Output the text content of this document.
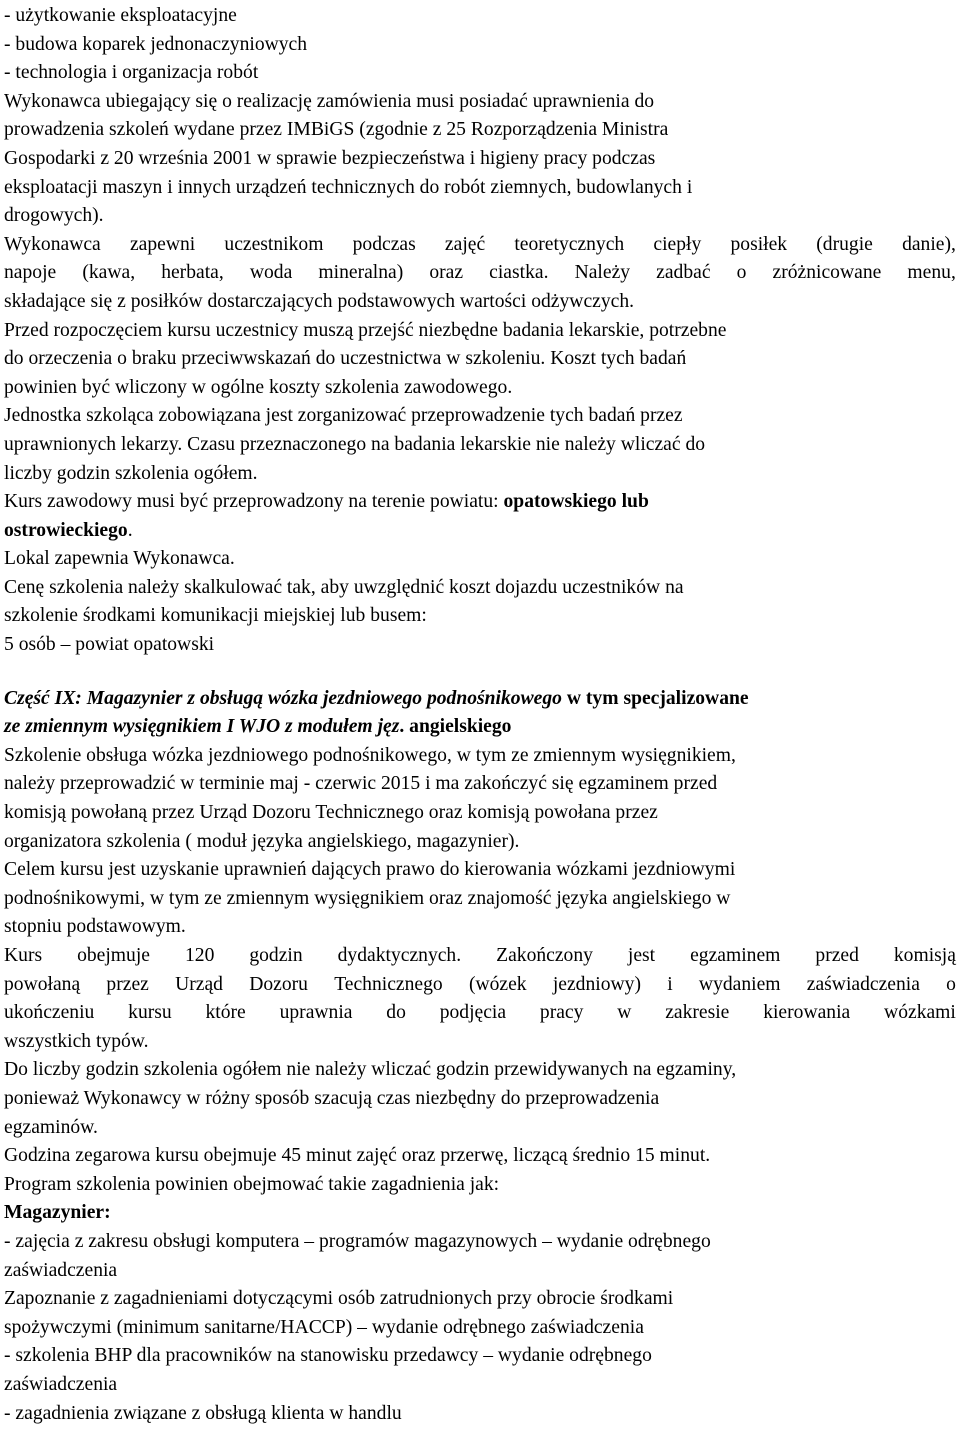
- użytkowanie eksploatacyjne
- budowa koparek jednonaczyniowych
- technologia i organizacja robót
Wykonawca ubiegający się o realizację zamówienia musi posiadać uprawnienia do
prowadzenia szkoleń wydane przez IMBiGS (zgodnie z 25 Rozporządzenia Ministra
Gospodarki z 20 września 2001 w sprawie bezpieczeństwa i higieny pracy podczas
eksploatacji maszyn i innych urządzeń technicznych do robót ziemnych, budowlanych i
drogowych).
Wykonawca zapewni uczestnikom podczas zajęć teoretycznych ciepły posiłek (drugie danie),
napoje (kawa, herbata, woda mineralna) oraz ciastka. Należy zadbać o zróżnicowane menu,
składające się z posiłków dostarczających podstawowych wartości odżywczych.
Przed rozpoczęciem kursu uczestnicy muszą przejść niezbędne badania lekarskie, potrzebne
do orzeczenia o braku przeciwwskazań do uczestnictwa w szkoleniu. Koszt tych badań
powinien być wliczony w ogólne koszty szkolenia zawodowego.
Jednostka szkoląca zobowiązana jest zorganizować przeprowadzenie tych badań przez
uprawnionych lekarzy. Czasu przeznaczonego na badania lekarskie nie należy wliczać do
liczby godzin szkolenia ogółem.
Kurs zawodowy musi być przeprowadzony na terenie powiatu: opatowskiego lub
ostrowieckiego.
Lokal zapewnia Wykonawca.
Cenę szkolenia należy skalkulować tak, aby uwzględnić koszt dojazdu uczestników na
szkolenie środkami komunikacji miejskiej lub busem:
5 osób – powiat opatowski
Część IX: Magazynier z obsługą wózka jezdniowego podnośnikowego w tym specjalizowane
ze zmiennym wysięgnikiem I WJO z modułem jęz. angielskiego
Szkolenie obsługa wózka jezdniowego podnośnikowego, w tym ze zmiennym wysięgnikiem,
należy przeprowadzić w terminie maj - czerwic 2015 i ma zakończyć się egzaminem przed
komisją powołaną przez Urząd Dozoru Technicznego oraz komisją powołana przez
organizatora szkolenia ( moduł języka angielskiego, magazynier).
Celem kursu jest uzyskanie uprawnień dających prawo do kierowania wózkami jezdniowymi
podnośnikowymi, w tym ze zmiennym wysięgnikiem oraz znajomość języka angielskiego w
stopniu podstawowym.
Kurs obejmuje 120 godzin dydaktycznych. Zakończony jest egzaminem przed komisją
powołaną przez Urząd Dozoru Technicznego (wózek jezdniowy) i wydaniem zaświadczenia o
ukończeniu kursu które uprawnia do podjęcia pracy w zakresie kierowania wózkami
wszystkich typów.
Do liczby godzin szkolenia ogółem nie należy wliczać godzin przewidywanych na egzaminy,
ponieważ Wykonawcy w różny sposób szacują czas niezbędny do przeprowadzenia
egzaminów.
Godzina zegarowa kursu obejmuje 45 minut zajęć oraz przerwę, liczącą średnio 15 minut.
Program szkolenia powinien obejmować takie zagadnienia jak:
Magazynier:
- zajęcia z zakresu obsługi komputera – programów magazynowych – wydanie odrębnego
zaświadczenia
Zapoznanie z zagadnieniami dotyczącymi osób zatrudnionych przy obrocie środkami
spożywczymi (minimum sanitarne/HACCP) – wydanie odrębnego zaświadczenia
- szkolenia BHP dla pracowników na stanowisku przedawcy – wydanie odrębnego
zaświadczenia
- zagadnienia związane z obsługą klienta w handlu
